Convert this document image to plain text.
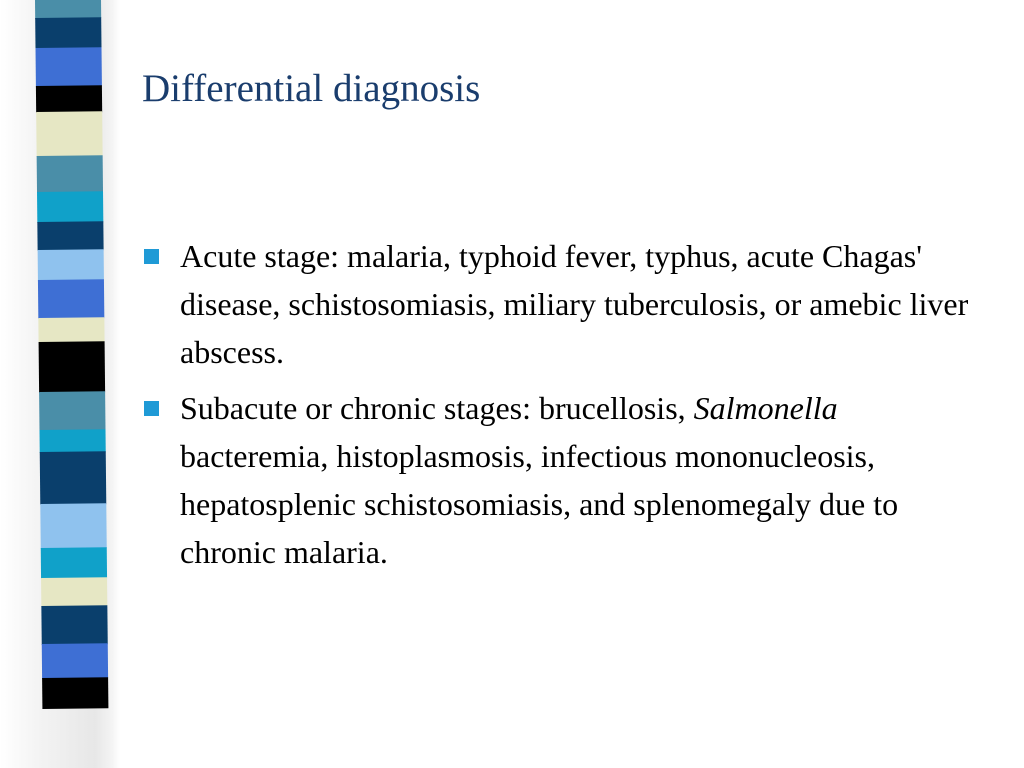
Differential diagnosis
Acute stage: malaria, typhoid fever, typhus, acute Chagas' disease, schistosomiasis, miliary tuberculosis, or amebic liver abscess.
Subacute or chronic stages: brucellosis, Salmonella bacteremia, histoplasmosis, infectious mononucleosis, hepatosplenic schistosomiasis, and splenomegaly due to chronic malaria.
